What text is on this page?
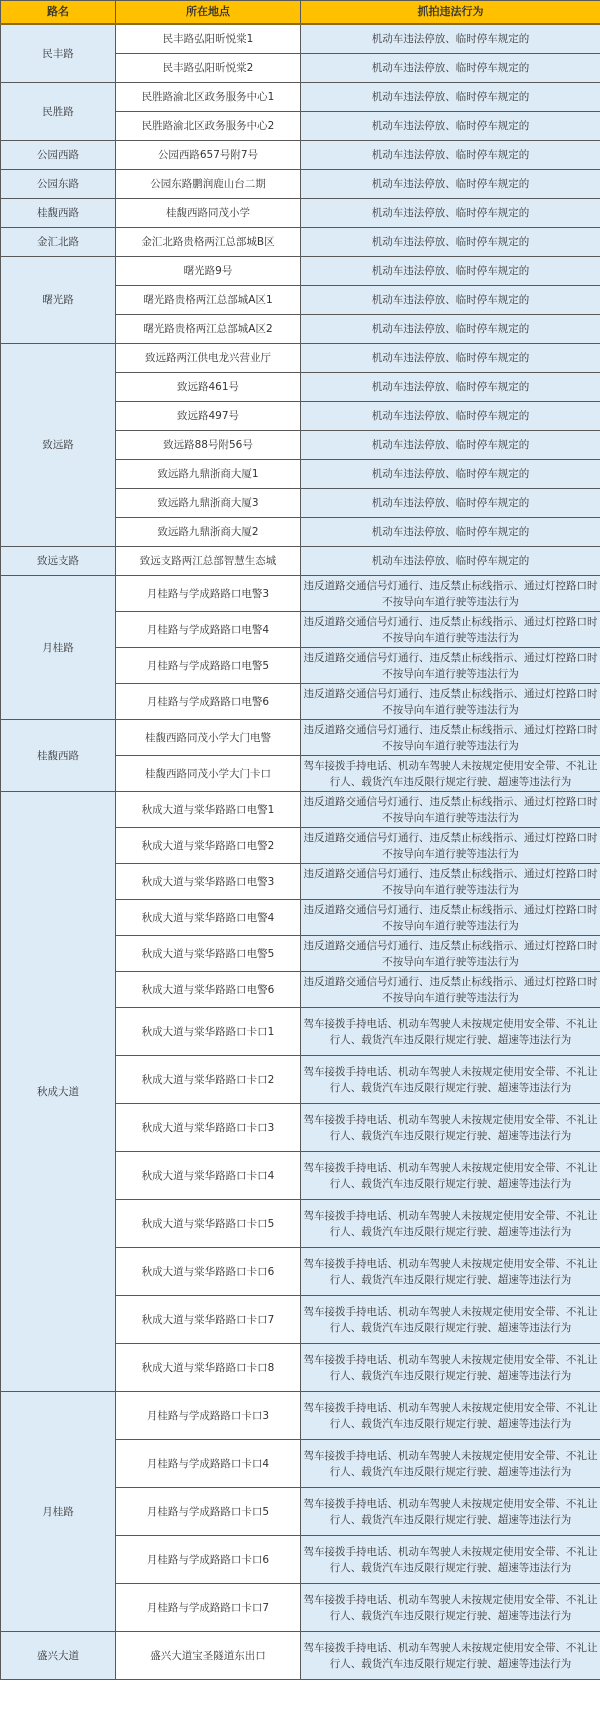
路名	所在地点	抓拍违法行为
民丰路	民丰路弘阳昕悦棠1	机动车违法停放、临时停车规定的
	民丰路弘阳昕悦棠2	机动车违法停放、临时停车规定的
民胜路	民胜路渝北区政务服务中心1	机动车违法停放、临时停车规定的
	民胜路渝北区政务服务中心2	机动车违法停放、临时停车规定的
公园西路	公园西路657号附7号	机动车违法停放、临时停车规定的
公园东路	公园东路鹏润鹿山台二期	机动车违法停放、临时停车规定的
桂馥西路	桂馥西路同茂小学	机动车违法停放、临时停车规定的
金汇北路	金汇北路贵格两江总部城B区	机动车违法停放、临时停车规定的
曙光路	曙光路9号	机动车违法停放、临时停车规定的
	曙光路贵格两江总部城A区1	机动车违法停放、临时停车规定的
	曙光路贵格两江总部城A区2	机动车违法停放、临时停车规定的
致远路	致远路两江供电龙兴营业厅	机动车违法停放、临时停车规定的
	致远路461号	机动车违法停放、临时停车规定的
	致远路497号	机动车违法停放、临时停车规定的
	致远路88号附56号	机动车违法停放、临时停车规定的
	致远路九鼎浙商大厦1	机动车违法停放、临时停车规定的
	致远路九鼎浙商大厦3	机动车违法停放、临时停车规定的
	致远路九鼎浙商大厦2	机动车违法停放、临时停车规定的
致远支路	致远支路两江总部智慧生态城	机动车违法停放、临时停车规定的
月桂路	月桂路与学成路路口电警3	违反道路交通信号灯通行、违反禁止标线指示、通过灯控路口时不按导向车道行驶等违法行为
	月桂路与学成路路口电警4	违反道路交通信号灯通行、违反禁止标线指示、通过灯控路口时不按导向车道行驶等违法行为
	月桂路与学成路路口电警5	违反道路交通信号灯通行、违反禁止标线指示、通过灯控路口时不按导向车道行驶等违法行为
	月桂路与学成路路口电警6	违反道路交通信号灯通行、违反禁止标线指示、通过灯控路口时不按导向车道行驶等违法行为
桂馥西路	桂馥西路同茂小学大门电警	违反道路交通信号灯通行、违反禁止标线指示、通过灯控路口时不按导向车道行驶等违法行为
	桂馥西路同茂小学大门卡口	驾车接拨手持电话、机动车驾驶人未按规定使用安全带、不礼让行人、载货汽车违反限行规定行驶、超速等违法行为
秋成大道	秋成大道与棠华路路口电警1	违反道路交通信号灯通行、违反禁止标线指示、通过灯控路口时不按导向车道行驶等违法行为
	秋成大道与棠华路路口电警2	违反道路交通信号灯通行、违反禁止标线指示、通过灯控路口时不按导向车道行驶等违法行为
	秋成大道与棠华路路口电警3	违反道路交通信号灯通行、违反禁止标线指示、通过灯控路口时不按导向车道行驶等违法行为
	秋成大道与棠华路路口电警4	违反道路交通信号灯通行、违反禁止标线指示、通过灯控路口时不按导向车道行驶等违法行为
	秋成大道与棠华路路口电警5	违反道路交通信号灯通行、违反禁止标线指示、通过灯控路口时不按导向车道行驶等违法行为
	秋成大道与棠华路路口电警6	违反道路交通信号灯通行、违反禁止标线指示、通过灯控路口时不按导向车道行驶等违法行为
	秋成大道与棠华路路口卡口1	驾车接拨手持电话、机动车驾驶人未按规定使用安全带、不礼让行人、载货汽车违反限行规定行驶、超速等违法行为
	秋成大道与棠华路路口卡口2	驾车接拨手持电话、机动车驾驶人未按规定使用安全带、不礼让行人、载货汽车违反限行规定行驶、超速等违法行为
	秋成大道与棠华路路口卡口3	驾车接拨手持电话、机动车驾驶人未按规定使用安全带、不礼让行人、载货汽车违反限行规定行驶、超速等违法行为
	秋成大道与棠华路路口卡口4	驾车接拨手持电话、机动车驾驶人未按规定使用安全带、不礼让行人、载货汽车违反限行规定行驶、超速等违法行为
	秋成大道与棠华路路口卡口5	驾车接拨手持电话、机动车驾驶人未按规定使用安全带、不礼让行人、载货汽车违反限行规定行驶、超速等违法行为
	秋成大道与棠华路路口卡口6	驾车接拨手持电话、机动车驾驶人未按规定使用安全带、不礼让行人、载货汽车违反限行规定行驶、超速等违法行为
	秋成大道与棠华路路口卡口7	驾车接拨手持电话、机动车驾驶人未按规定使用安全带、不礼让行人、载货汽车违反限行规定行驶、超速等违法行为
	秋成大道与棠华路路口卡口8	驾车接拨手持电话、机动车驾驶人未按规定使用安全带、不礼让行人、载货汽车违反限行规定行驶、超速等违法行为
月桂路	月桂路与学成路路口卡口3	驾车接拨手持电话、机动车驾驶人未按规定使用安全带、不礼让行人、载货汽车违反限行规定行驶、超速等违法行为
	月桂路与学成路路口卡口4	驾车接拨手持电话、机动车驾驶人未按规定使用安全带、不礼让行人、载货汽车违反限行规定行驶、超速等违法行为
	月桂路与学成路路口卡口5	驾车接拨手持电话、机动车驾驶人未按规定使用安全带、不礼让行人、载货汽车违反限行规定行驶、超速等违法行为
	月桂路与学成路路口卡口6	驾车接拨手持电话、机动车驾驶人未按规定使用安全带、不礼让行人、载货汽车违反限行规定行驶、超速等违法行为
	月桂路与学成路路口卡口7	驾车接拨手持电话、机动车驾驶人未按规定使用安全带、不礼让行人、载货汽车违反限行规定行驶、超速等违法行为
盛兴大道	盛兴大道宝圣隧道东出口	驾车接拨手持电话、机动车驾驶人未按规定使用安全带、不礼让行人、载货汽车违反限行规定行驶、超速等违法行为
